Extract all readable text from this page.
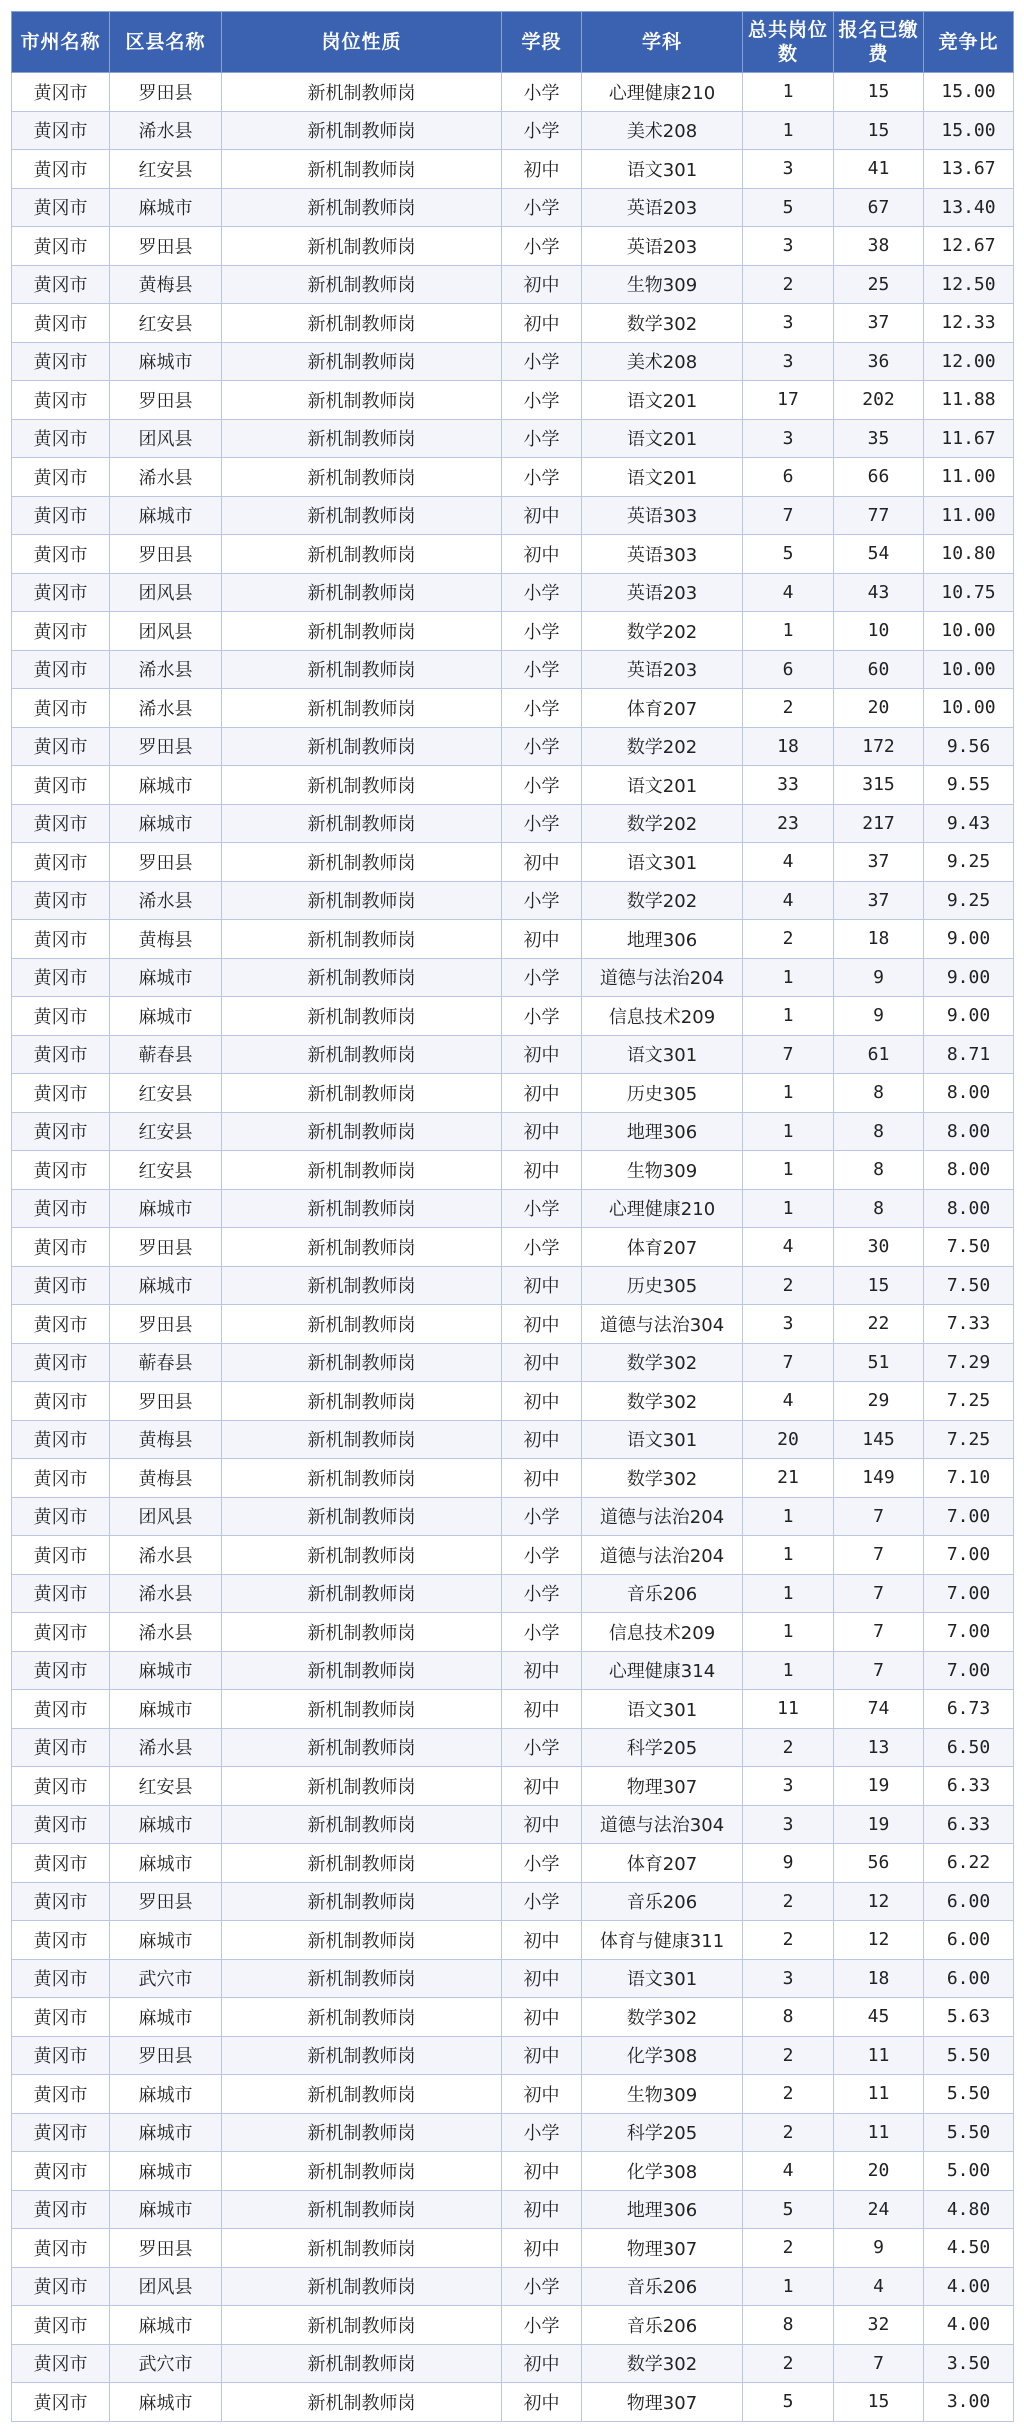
市州名称	区县名称	岗位性质	学段	学科	总共岗位数	报名已缴费	竞争比
黄冈市	罗田县	新机制教师岗	小学	心理健康210	1	15	15.00
黄冈市	浠水县	新机制教师岗	小学	美术208	1	15	15.00
黄冈市	红安县	新机制教师岗	初中	语文301	3	41	13.67
黄冈市	麻城市	新机制教师岗	小学	英语203	5	67	13.40
黄冈市	罗田县	新机制教师岗	小学	英语203	3	38	12.67
黄冈市	黄梅县	新机制教师岗	初中	生物309	2	25	12.50
黄冈市	红安县	新机制教师岗	初中	数学302	3	37	12.33
黄冈市	麻城市	新机制教师岗	小学	美术208	3	36	12.00
黄冈市	罗田县	新机制教师岗	小学	语文201	17	202	11.88
黄冈市	团风县	新机制教师岗	小学	语文201	3	35	11.67
黄冈市	浠水县	新机制教师岗	小学	语文201	6	66	11.00
黄冈市	麻城市	新机制教师岗	初中	英语303	7	77	11.00
黄冈市	罗田县	新机制教师岗	初中	英语303	5	54	10.80
黄冈市	团风县	新机制教师岗	小学	英语203	4	43	10.75
黄冈市	团风县	新机制教师岗	小学	数学202	1	10	10.00
黄冈市	浠水县	新机制教师岗	小学	英语203	6	60	10.00
黄冈市	浠水县	新机制教师岗	小学	体育207	2	20	10.00
黄冈市	罗田县	新机制教师岗	小学	数学202	18	172	9.56
黄冈市	麻城市	新机制教师岗	小学	语文201	33	315	9.55
黄冈市	麻城市	新机制教师岗	小学	数学202	23	217	9.43
黄冈市	罗田县	新机制教师岗	初中	语文301	4	37	9.25
黄冈市	浠水县	新机制教师岗	小学	数学202	4	37	9.25
黄冈市	黄梅县	新机制教师岗	初中	地理306	2	18	9.00
黄冈市	麻城市	新机制教师岗	小学	道德与法治204	1	9	9.00
黄冈市	麻城市	新机制教师岗	小学	信息技术209	1	9	9.00
黄冈市	蕲春县	新机制教师岗	初中	语文301	7	61	8.71
黄冈市	红安县	新机制教师岗	初中	历史305	1	8	8.00
黄冈市	红安县	新机制教师岗	初中	地理306	1	8	8.00
黄冈市	红安县	新机制教师岗	初中	生物309	1	8	8.00
黄冈市	麻城市	新机制教师岗	小学	心理健康210	1	8	8.00
黄冈市	罗田县	新机制教师岗	小学	体育207	4	30	7.50
黄冈市	麻城市	新机制教师岗	初中	历史305	2	15	7.50
黄冈市	罗田县	新机制教师岗	初中	道德与法治304	3	22	7.33
黄冈市	蕲春县	新机制教师岗	初中	数学302	7	51	7.29
黄冈市	罗田县	新机制教师岗	初中	数学302	4	29	7.25
黄冈市	黄梅县	新机制教师岗	初中	语文301	20	145	7.25
黄冈市	黄梅县	新机制教师岗	初中	数学302	21	149	7.10
黄冈市	团风县	新机制教师岗	小学	道德与法治204	1	7	7.00
黄冈市	浠水县	新机制教师岗	小学	道德与法治204	1	7	7.00
黄冈市	浠水县	新机制教师岗	小学	音乐206	1	7	7.00
黄冈市	浠水县	新机制教师岗	小学	信息技术209	1	7	7.00
黄冈市	麻城市	新机制教师岗	初中	心理健康314	1	7	7.00
黄冈市	麻城市	新机制教师岗	初中	语文301	11	74	6.73
黄冈市	浠水县	新机制教师岗	小学	科学205	2	13	6.50
黄冈市	红安县	新机制教师岗	初中	物理307	3	19	6.33
黄冈市	麻城市	新机制教师岗	初中	道德与法治304	3	19	6.33
黄冈市	麻城市	新机制教师岗	小学	体育207	9	56	6.22
黄冈市	罗田县	新机制教师岗	小学	音乐206	2	12	6.00
黄冈市	麻城市	新机制教师岗	初中	体育与健康311	2	12	6.00
黄冈市	武穴市	新机制教师岗	初中	语文301	3	18	6.00
黄冈市	麻城市	新机制教师岗	初中	数学302	8	45	5.63
黄冈市	罗田县	新机制教师岗	初中	化学308	2	11	5.50
黄冈市	麻城市	新机制教师岗	初中	生物309	2	11	5.50
黄冈市	麻城市	新机制教师岗	小学	科学205	2	11	5.50
黄冈市	麻城市	新机制教师岗	初中	化学308	4	20	5.00
黄冈市	麻城市	新机制教师岗	初中	地理306	5	24	4.80
黄冈市	罗田县	新机制教师岗	初中	物理307	2	9	4.50
黄冈市	团风县	新机制教师岗	小学	音乐206	1	4	4.00
黄冈市	麻城市	新机制教师岗	小学	音乐206	8	32	4.00
黄冈市	武穴市	新机制教师岗	初中	数学302	2	7	3.50
黄冈市	麻城市	新机制教师岗	初中	物理307	5	15	3.00
